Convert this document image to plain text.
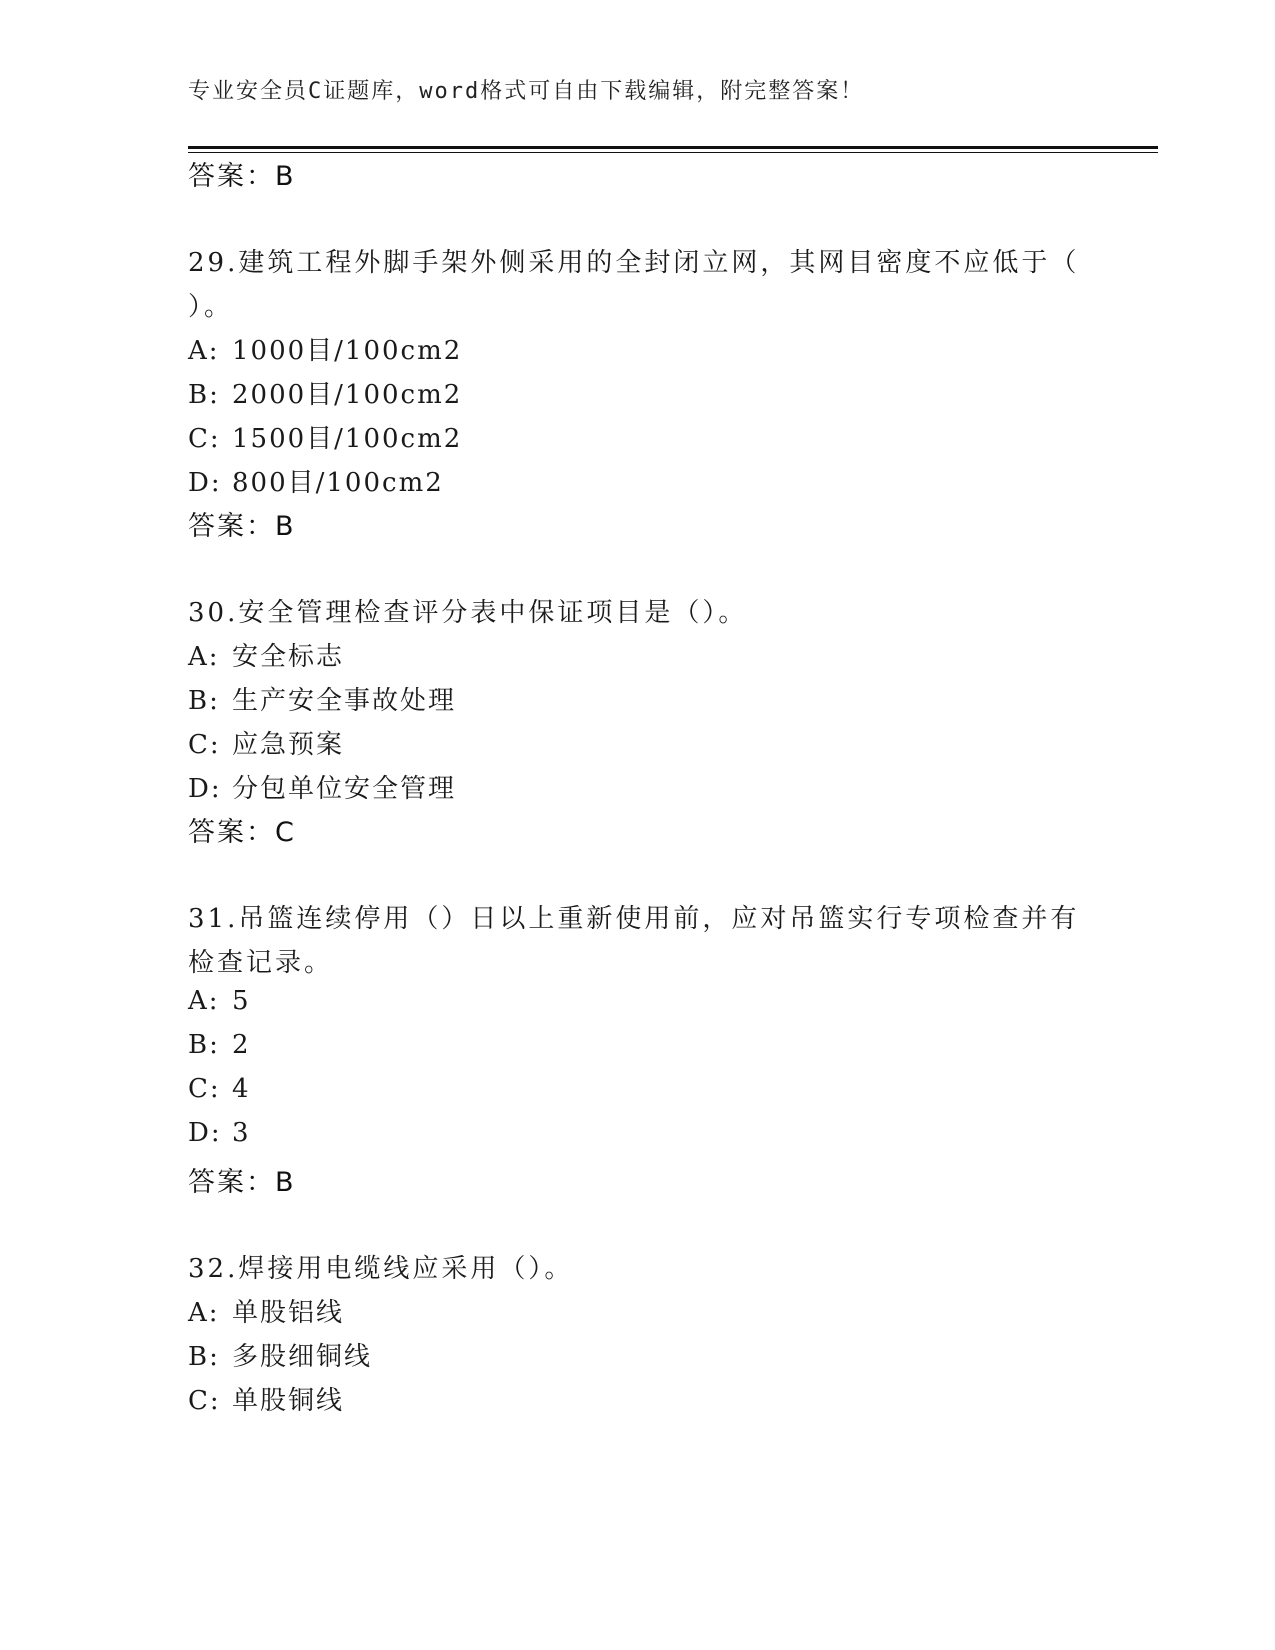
专业安全员C证题库，word格式可自由下载编辑，附完整答案！
答案：B
29.建筑工程外脚手架外侧采用的全封闭立网，其网目密度不应低于（
）。
A: 1000目/100cm2
B: 2000目/100cm2
C: 1500目/100cm2
D: 800目/100cm2
答案：B
30.安全管理检查评分表中保证项目是（）。
A: 安全标志
B: 生产安全事故处理
C: 应急预案
D: 分包单位安全管理
答案：C
31.吊篮连续停用（）日以上重新使用前，应对吊篮实行专项检查并有
检查记录。
A: 5
B: 2
C: 4
D: 3
答案：B
32.焊接用电缆线应采用（）。
A: 单股铝线
B: 多股细铜线
C: 单股铜线
